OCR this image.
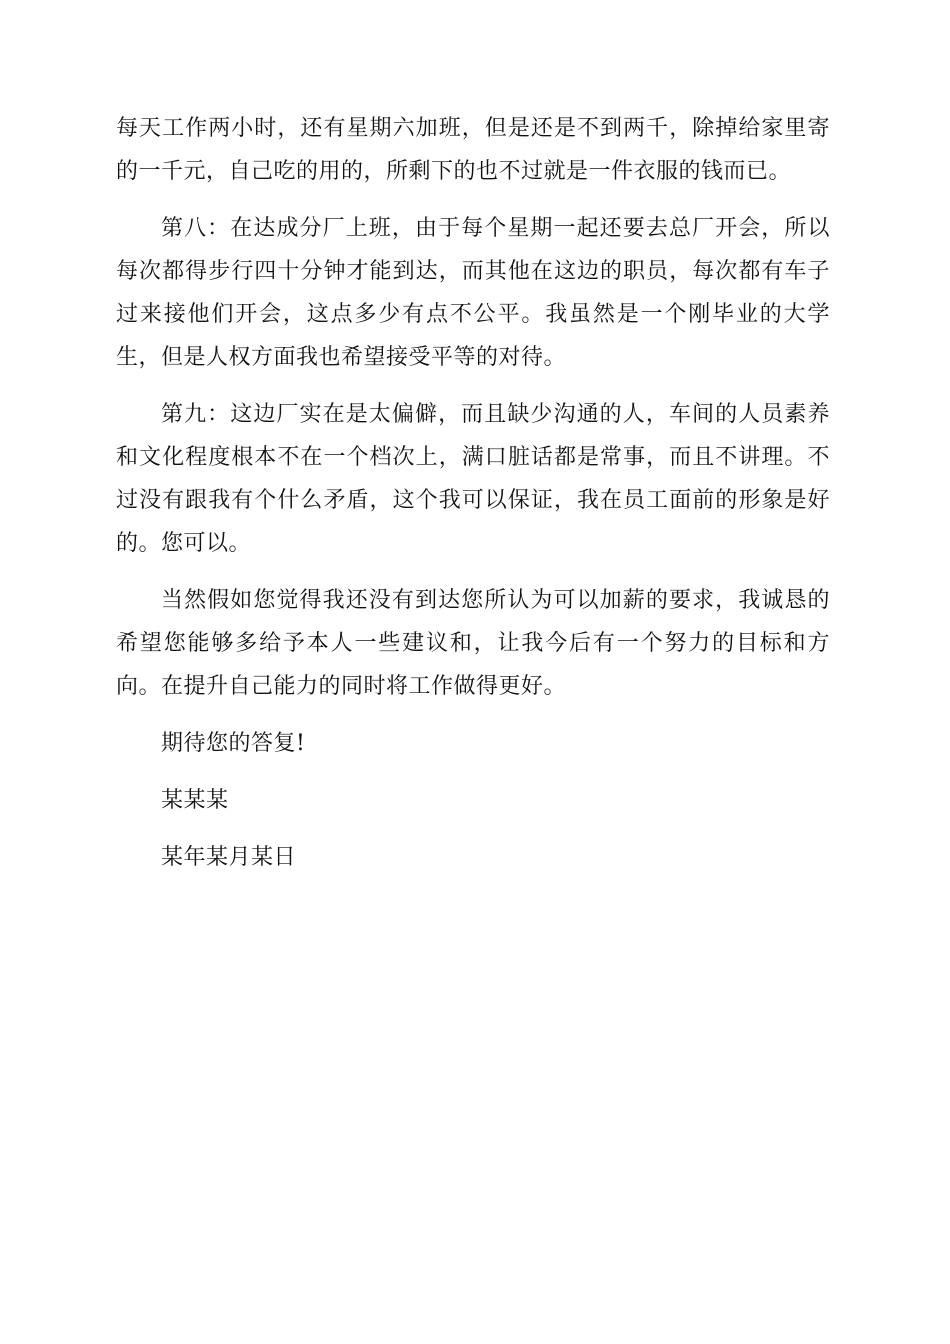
每天工作两小时，还有星期六加班，但是还是不到两千，除掉给家里寄的一千元，自己吃的用的，所剩下的也不过就是一件衣服的钱而已。

第八：在达成分厂上班，由于每个星期一起还要去总厂开会，所以每次都得步行四十分钟才能到达，而其他在这边的职员，每次都有车子过来接他们开会，这点多少有点不公平。我虽然是一个刚毕业的大学生，但是人权方面我也希望接受平等的对待。

第九：这边厂实在是太偏僻，而且缺少沟通的人，车间的人员素养和文化程度根本不在一个档次上，满口脏话都是常事，而且不讲理。不过没有跟我有个什么矛盾，这个我可以保证，我在员工面前的形象是好的。您可以。

当然假如您觉得我还没有到达您所认为可以加薪的要求，我诚恳的希望您能够多给予本人一些建议和，让我今后有一个努力的目标和方向。在提升自己能力的同时将工作做得更好。

期待您的答复!

某某某

某年某月某日
